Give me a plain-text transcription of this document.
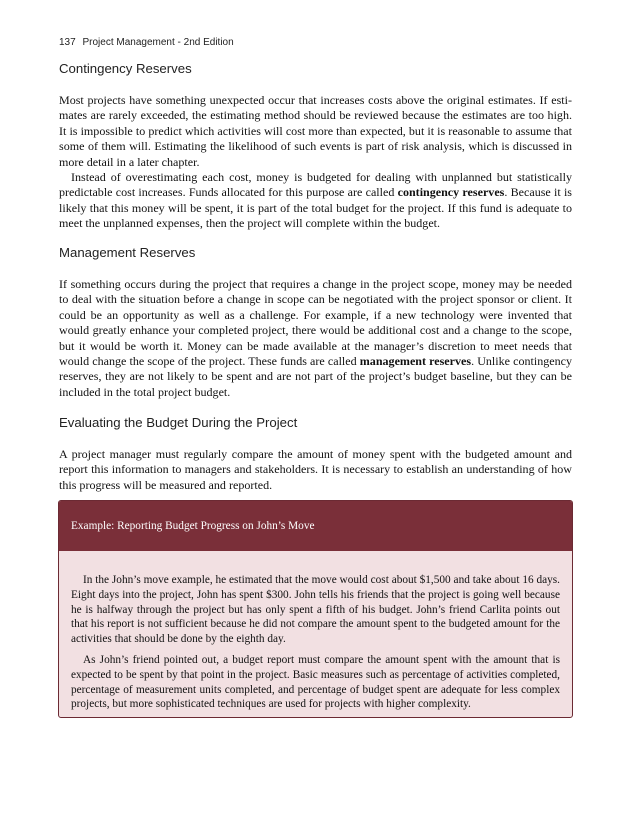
137 Project Management - 2nd Edition
Contingency Reserves

Most projects have something unexpected occur that increases costs above the original estimates. If estimates are rarely exceeded, the estimating method should be reviewed because the estimates are too high. It is impossible to predict which activities will cost more than expected, but it is reasonable to assume that some of them will. Estimating the likelihood of such events is part of risk analysis, which is discussed in more detail in a later chapter.

Instead of overestimating each cost, money is budgeted for dealing with unplanned but statistically predictable cost increases. Funds allocated for this purpose are called contingency reserves. Because it is likely that this money will be spent, it is part of the total budget for the project. If this fund is adequate to meet the unplanned expenses, then the project will complete within the budget.

Management Reserves

If something occurs during the project that requires a change in the project scope, money may be needed to deal with the situation before a change in scope can be negotiated with the project sponsor or client. It could be an opportunity as well as a challenge. For example, if a new technology were invented that would greatly enhance your completed project, there would be additional cost and a change to the scope, but it would be worth it. Money can be made available at the manager’s discretion to meet needs that would change the scope of the project. These funds are called management reserves. Unlike contingency reserves, they are not likely to be spent and are not part of the project’s budget baseline, but they can be included in the total project budget.

Evaluating the Budget During the Project

A project manager must regularly compare the amount of money spent with the budgeted amount and report this information to managers and stakeholders. It is necessary to establish an understanding of how this progress will be measured and reported.

Example: Reporting Budget Progress on John’s Move

In the John’s move example, he estimated that the move would cost about $1,500 and take about 16 days. Eight days into the project, John has spent $300. John tells his friends that the project is going well because he is halfway through the project but has only spent a fifth of his budget. John’s friend Carlita points out that his report is not sufficient because he did not compare the amount spent to the budgeted amount for the activities that should be done by the eighth day.

As John’s friend pointed out, a budget report must compare the amount spent with the amount that is expected to be spent by that point in the project. Basic measures such as percentage of activities completed, percentage of measurement units completed, and percentage of budget spent are adequate for less complex projects, but more sophisticated techniques are used for projects with higher complexity.
